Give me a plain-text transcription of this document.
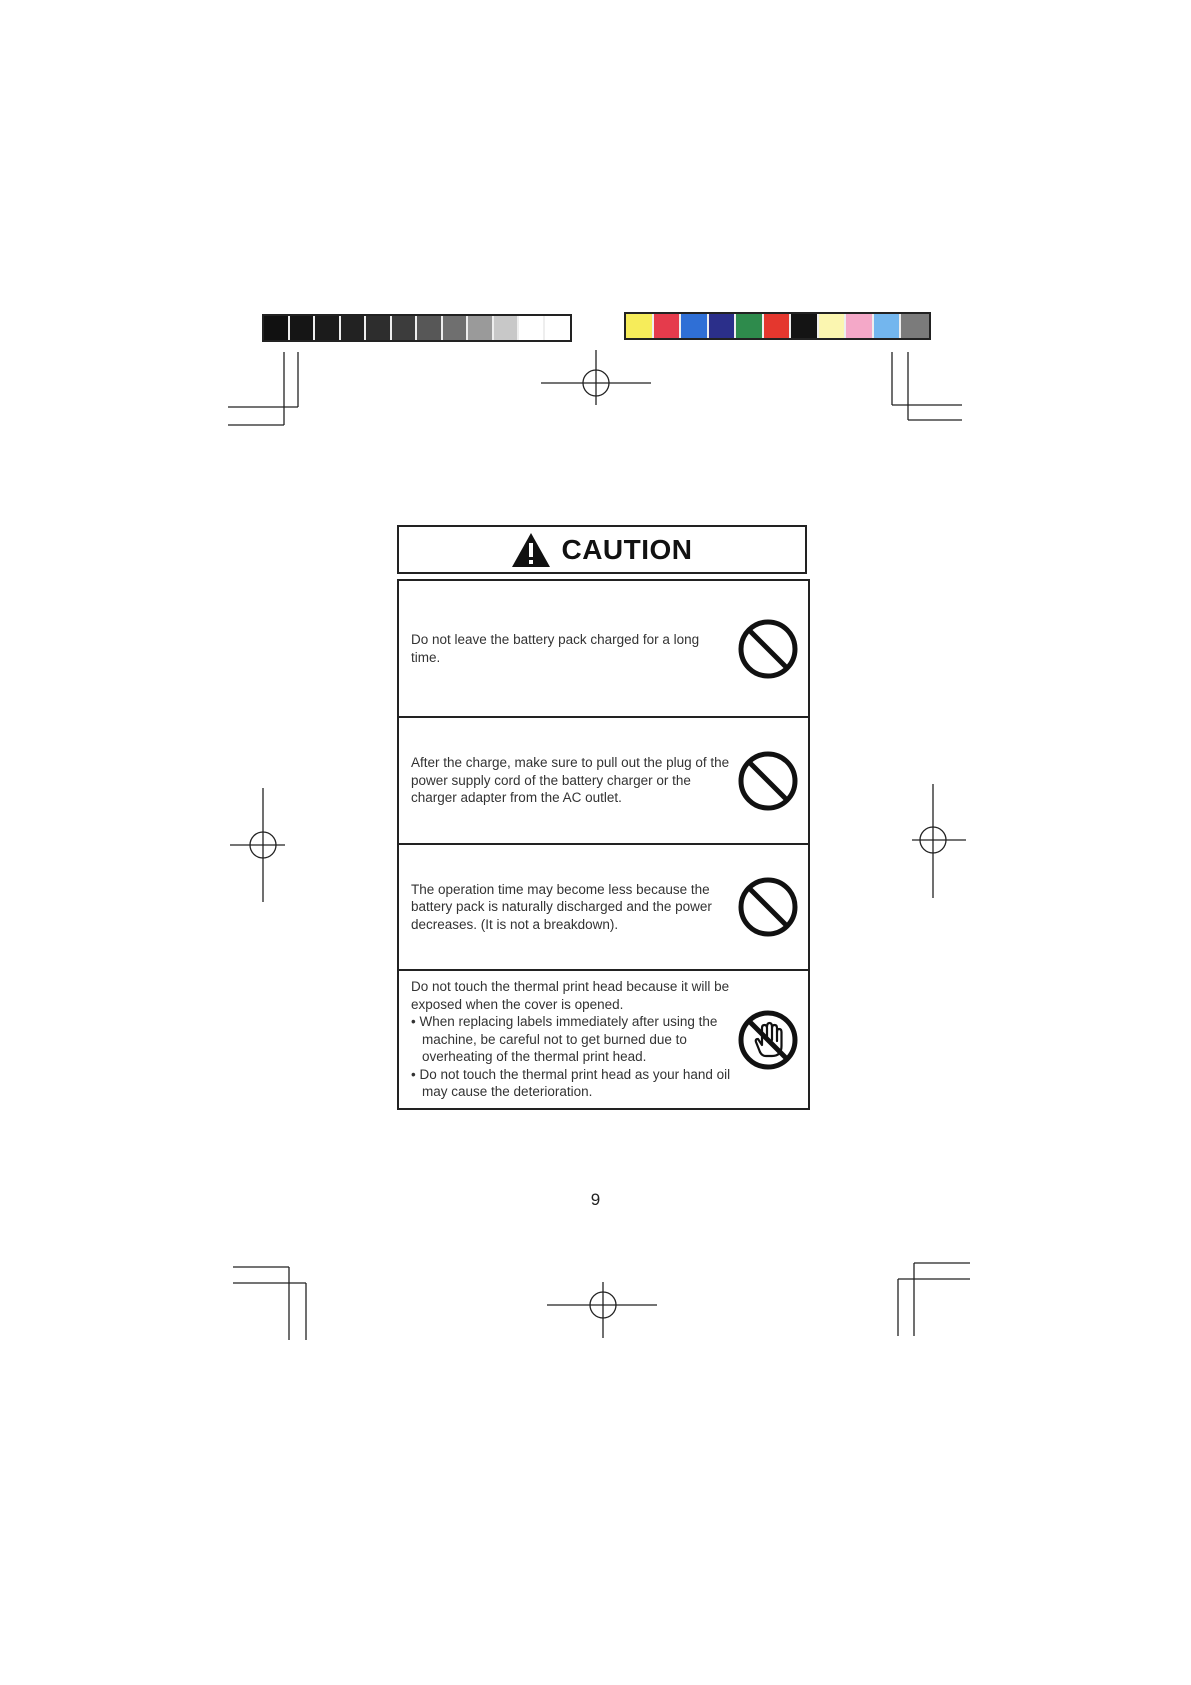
CAUTION

Do not leave the battery pack charged for a long time.

After the charge, make sure to pull out the plug of the power supply cord of the battery charger or the charger adapter from the AC outlet.

The operation time may become less because the battery pack is naturally discharged and the power decreases. (It is not a breakdown).

Do not touch the thermal print head because it will be exposed when the cover is opened.

• When replacing labels immediately after using the machine, be careful not to get burned due to overheating of the thermal print head.

• Do not touch the thermal print head as your hand oil may cause the deterioration.

9
